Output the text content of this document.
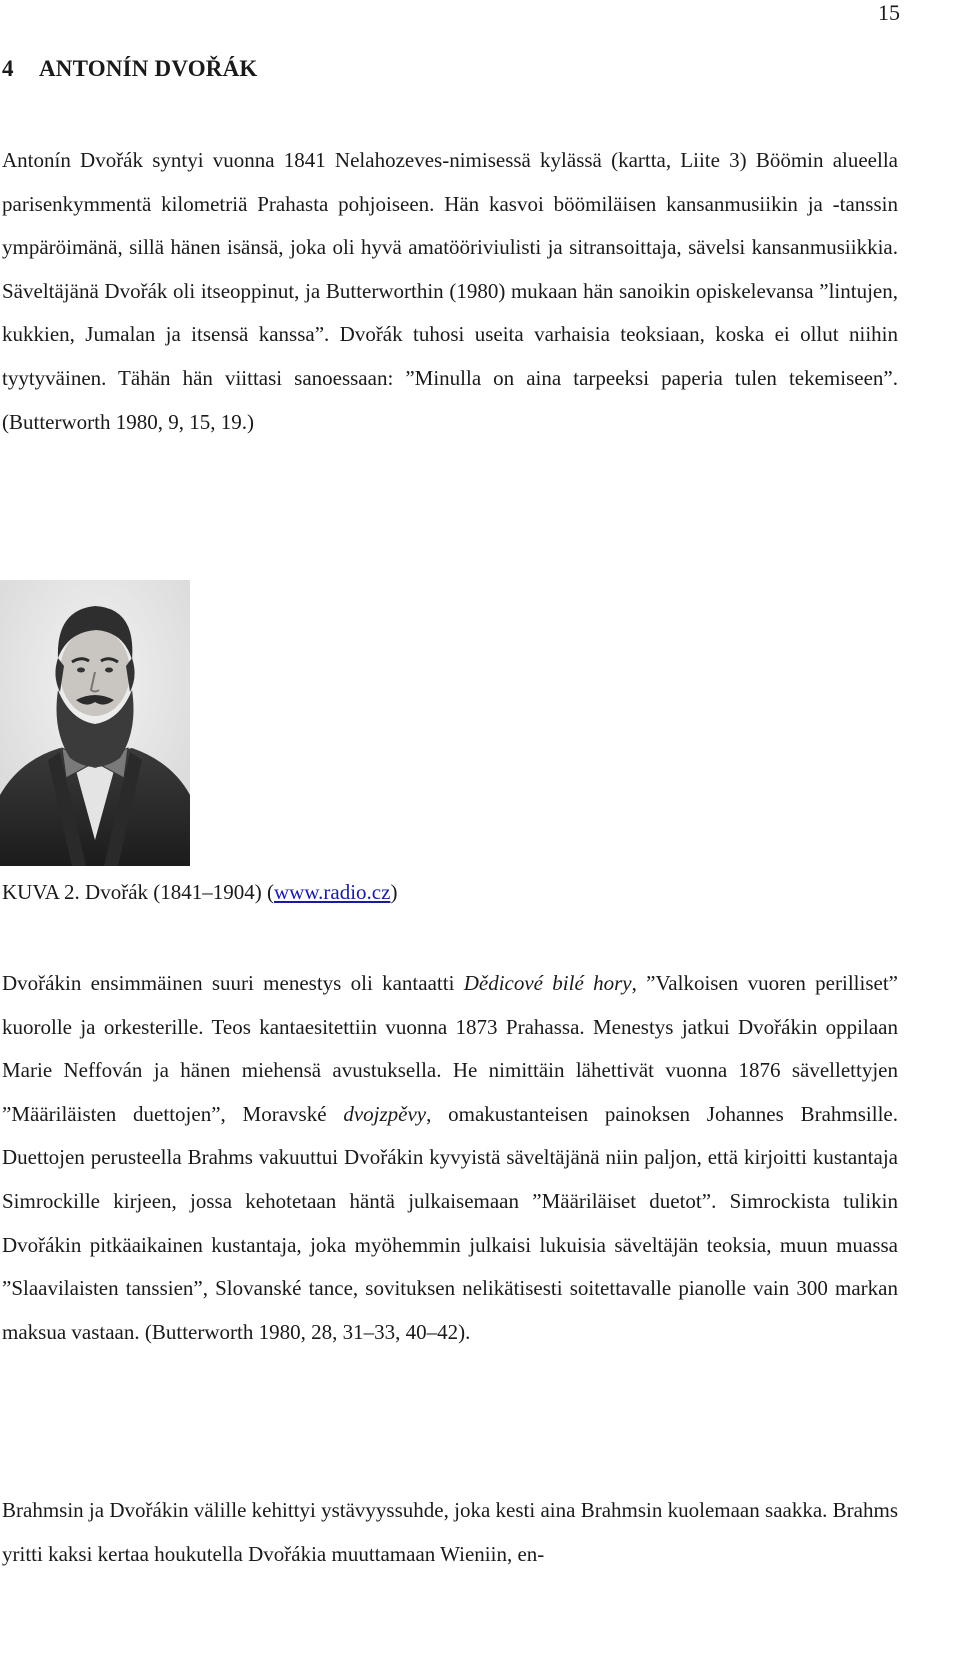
15
4 ANTONÍN DVOŘÁK

Antonín Dvořák syntyi vuonna 1841 Nelahozeves-nimisessä kylässä (kartta, Liite 3) Böömin alueella parisenkymmentä kilometriä Prahasta pohjoiseen. Hän kasvoi böömiläisen kansanmusiikin ja -tanssin ympäröimänä, sillä hänen isänsä, joka oli hyvä amatööriviulisti ja sitransoittaja, sävelsi kansanmusiikkia. Säveltäjänä Dvořák oli itseoppinut, ja Butterworthin (1980) mukaan hän sanoikin opiskelevansa ”lintujen, kukkien, Jumalan ja itsensä kanssa”. Dvořák tuhosi useita varhaisia teoksiaan, koska ei ollut niihin tyytyväinen. Tähän hän viittasi sanoessaan: ”Minulla on aina tarpeeksi paperia tulen tekemiseen”. (Butterworth 1980, 9, 15, 19.)

KUVA 2. Dvořák (1841–1904) (www.radio.cz)

Dvořákin ensimmäinen suuri menestys oli kantaatti Dědicové bilé hory, ”Valkoisen vuoren perilliset” kuorolle ja orkesterille. Teos kantaesitettiin vuonna 1873 Prahassa. Menestys jatkui Dvořákin oppilaan Marie Neffován ja hänen miehensä avustuksella. He nimittäin lähettivät vuonna 1876 sävellettyjen ”Määriläisten duettojen”, Moravské dvojzpěvy, omakustanteisen painoksen Johannes Brahmsille. Duettojen perusteella Brahms vakuuttui Dvořákin kyvyistä säveltäjänä niin paljon, että kirjoitti kustantaja Simrockille kirjeen, jossa kehotetaan häntä julkaisemaan ”Määriläiset duetot”. Simrockista tulikin Dvořákin pitkäaikainen kustantaja, joka myöhemmin julkaisi lukuisia säveltäjän teoksia, muun muassa ”Slaavilaisten tanssien”, Slovanské tance, sovituksen nelikätisesti soitettavalle pianolle vain 300 markan maksua vastaan. (Butterworth 1980, 28, 31–33, 40–42).

Brahmsin ja Dvořákin välille kehittyi ystävyyssuhde, joka kesti aina Brahmsin kuolemaan saakka. Brahms yritti kaksi kertaa houkutella Dvořákia muuttamaan Wieniin, en-
